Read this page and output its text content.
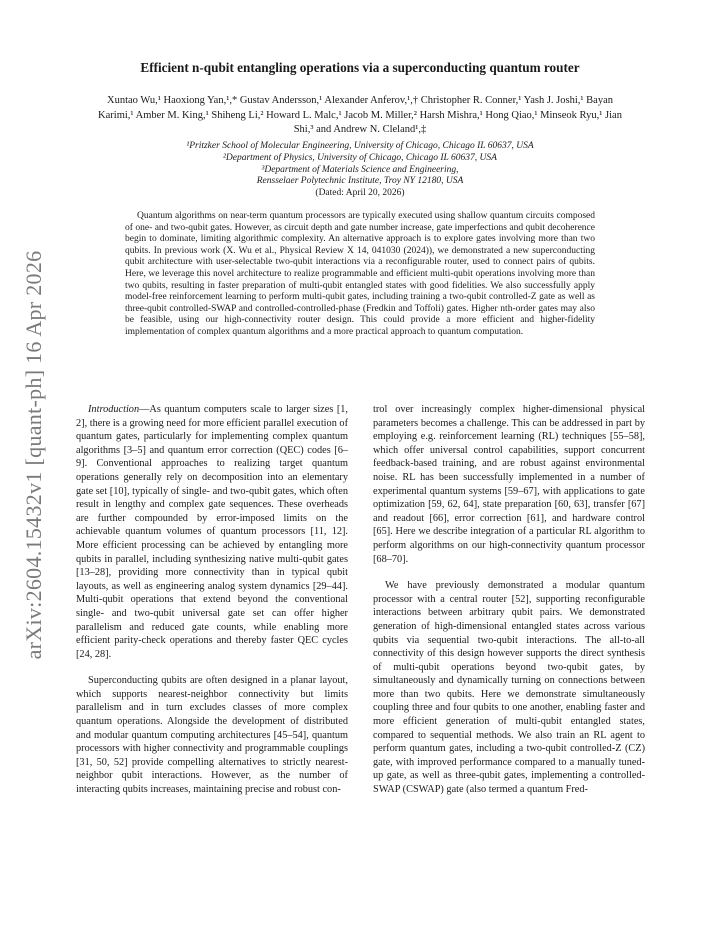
arXiv:2604.15432v1 [quant-ph] 16 Apr 2026
Efficient n-qubit entangling operations via a superconducting quantum router
Xuntao Wu,¹ Haoxiong Yan,¹,* Gustav Andersson,¹ Alexander Anferov,¹,† Christopher R. Conner,¹ Yash J. Joshi,¹ Bayan Karimi,¹ Amber M. King,¹ Shiheng Li,² Howard L. Malc,¹ Jacob M. Miller,² Harsh Mishra,¹ Hong Qiao,¹ Minseok Ryu,¹ Jian Shi,³ and Andrew N. Cleland¹,‡
¹Pritzker School of Molecular Engineering, University of Chicago, Chicago IL 60637, USA
²Department of Physics, University of Chicago, Chicago IL 60637, USA
³Department of Materials Science and Engineering,
Rensselaer Polytechnic Institute, Troy NY 12180, USA
(Dated: April 20, 2026)

Quantum algorithms on near-term quantum processors are typically executed using shallow quantum circuits composed of one- and two-qubit gates. However, as circuit depth and gate number increase, gate imperfections and qubit decoherence begin to dominate, limiting algorithmic complexity. An alternative approach is to explore gates involving more than two qubits. In previous work (X. Wu et al., Physical Review X 14, 041030 (2024)), we demonstrated a new superconducting qubit architecture with user-selectable two-qubit interactions via a reconfigurable router, used to connect pairs of qubits. Here, we leverage this novel architecture to realize programmable and efficient multi-qubit operations involving more than two qubits, resulting in faster preparation of multi-qubit entangled states with good fidelities. We also successfully apply model-free reinforcement learning to perform multi-qubit gates, including training a two-qubit controlled-Z gate as well as three-qubit controlled-SWAP and controlled-controlled-phase (Fredkin and Toffoli) gates. Higher nth-order gates may also be feasible, using our high-connectivity router design. This could provide a more efficient and higher-fidelity implementation of complex quantum algorithms and a more practical approach to quantum computation.

Introduction—As quantum computers scale to larger sizes [1, 2], there is a growing need for more efficient parallel execution of quantum gates, particularly for implementing complex quantum algorithms [3–5] and quantum error correction (QEC) codes [6–9]. Conventional approaches to realizing target quantum operations generally rely on decomposition into an elementary gate set [10], typically of single- and two-qubit gates, which often result in lengthy and complex gate sequences. These overheads are further compounded by error-imposed limits on the achievable quantum volumes of quantum processors [11, 12]. More efficient processing can be achieved by entangling more qubits in parallel, including synthesizing native multi-qubit gates [13–28], providing more connectivity than in typical qubit layouts, as well as engineering analog system dynamics [29–44]. Multi-qubit operations that extend beyond the conventional single- and two-qubit universal gate set can offer higher parallelism and reduced gate counts, while enabling more efficient parity-check operations and thereby faster QEC cycles [24, 28].

Superconducting qubits are often designed in a planar layout, which supports nearest-neighbor connectivity but limits parallelism and in turn excludes classes of more complex quantum operations. Alongside the development of distributed and modular quantum computing architectures [45–54], quantum processors with higher connectivity and programmable couplings [31, 50, 52] provide compelling alternatives to strictly nearest-neighbor qubit interactions. However, as the number of interacting qubits increases, maintaining precise and robust con-

trol over increasingly complex higher-dimensional physical parameters becomes a challenge. This can be addressed in part by employing e.g. reinforcement learning (RL) techniques [55–58], which offer universal control capabilities, support concurrent feedback-based training, and are robust against environmental noise. RL has been successfully implemented in a number of experimental quantum systems [59–67], with applications to gate optimization [59, 62, 64], state preparation [60, 63], transfer [67] and readout [66], error correction [61], and hardware control [65]. Here we describe integration of a particular RL algorithm to perform algorithms on our high-connectivity quantum processor [68–70].

We have previously demonstrated a modular quantum processor with a central router [52], supporting reconfigurable interactions between arbitrary qubit pairs. We demonstrated generation of high-dimensional entangled states across various qubits via sequential two-qubit interactions. The all-to-all connectivity of this design however supports the direct synthesis of multi-qubit operations beyond two-qubit gates, by simultaneously and dynamically turning on connections between more than two qubits. Here we demonstrate simultaneously coupling three and four qubits to one another, enabling faster and more efficient generation of multi-qubit entangled states, compared to sequential methods. We also train an RL agent to perform quantum gates, including a two-qubit controlled-Z (CZ) gate, with improved performance compared to a manually tuned-up gate, as well as three-qubit gates, implementing a controlled-SWAP (CSWAP) gate (also termed a quantum Fred-
